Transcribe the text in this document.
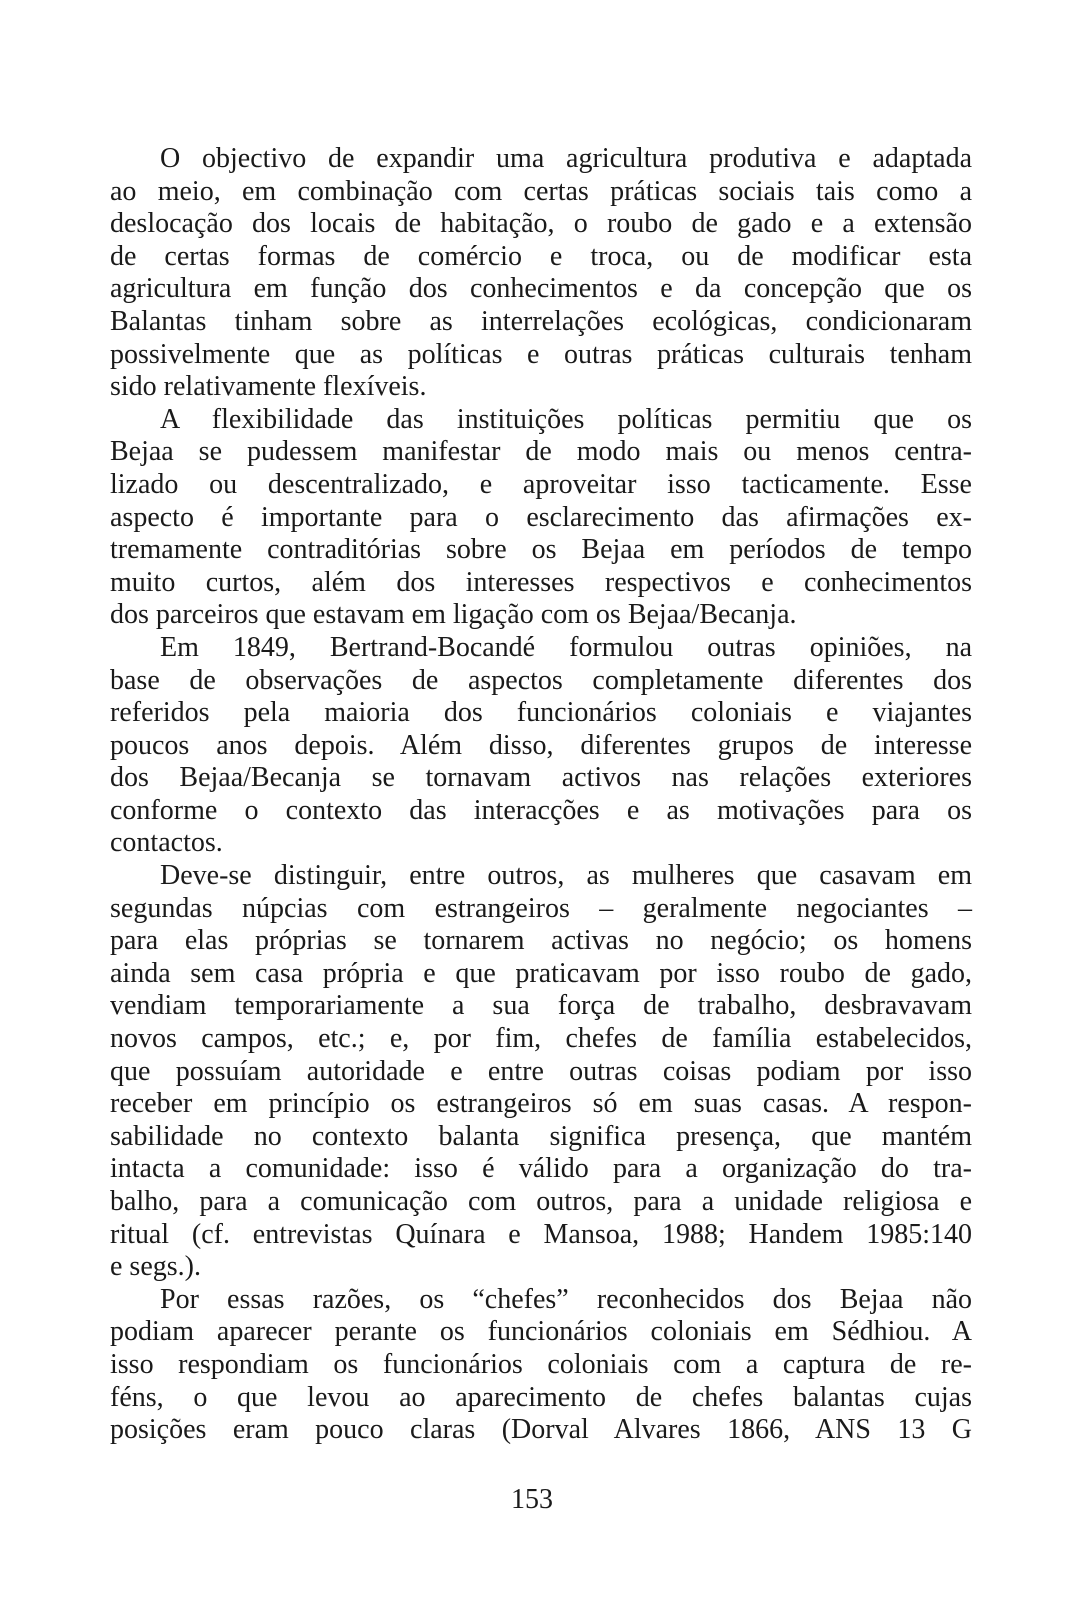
O objectivo de expandir uma agricultura produtiva e adaptada
ao meio, em combinação com certas práticas sociais tais como a
deslocação dos locais de habitação, o roubo de gado e a extensão
de certas formas de comércio e troca, ou de modificar esta
agricultura em função dos conhecimentos e da concepção que os
Balantas tinham sobre as interrelações ecológicas, condicionaram
possivelmente que as políticas e outras práticas culturais tenham
sido relativamente flexíveis.
A flexibilidade das instituições políticas permitiu que os
Bejaa se pudessem manifestar de modo mais ou menos centra-
lizado ou descentralizado, e aproveitar isso tacticamente. Esse
aspecto é importante para o esclarecimento das afirmações ex-
tremamente contraditórias sobre os Bejaa em períodos de tempo
muito curtos, além dos interesses respectivos e conhecimentos
dos parceiros que estavam em ligação com os Bejaa/Becanja.
Em 1849, Bertrand-Bocandé formulou outras opiniões, na
base de observações de aspectos completamente diferentes dos
referidos pela maioria dos funcionários coloniais e viajantes
poucos anos depois. Além disso, diferentes grupos de interesse
dos Bejaa/Becanja se tornavam activos nas relações exteriores
conforme o contexto das interacções e as motivações para os
contactos.
Deve-se distinguir, entre outros, as mulheres que casavam em
segundas núpcias com estrangeiros – geralmente negociantes –
para elas próprias se tornarem activas no negócio; os homens
ainda sem casa própria e que praticavam por isso roubo de gado,
vendiam temporariamente a sua força de trabalho, desbravavam
novos campos, etc.; e, por fim, chefes de família estabelecidos,
que possuíam autoridade e entre outras coisas podiam por isso
receber em princípio os estrangeiros só em suas casas. A respon-
sabilidade no contexto balanta significa presença, que mantém
intacta a comunidade: isso é válido para a organização do tra-
balho, para a comunicação com outros, para a unidade religiosa e
ritual (cf. entrevistas Quínara e Mansoa, 1988; Handem 1985:140
e segs.).
Por essas razões, os “chefes” reconhecidos dos Bejaa não
podiam aparecer perante os funcionários coloniais em Sédhiou. A
isso respondiam os funcionários coloniais com a captura de re-
féns, o que levou ao aparecimento de chefes balantas cujas
posições eram pouco claras (Dorval Alvares 1866, ANS 13 G
153
